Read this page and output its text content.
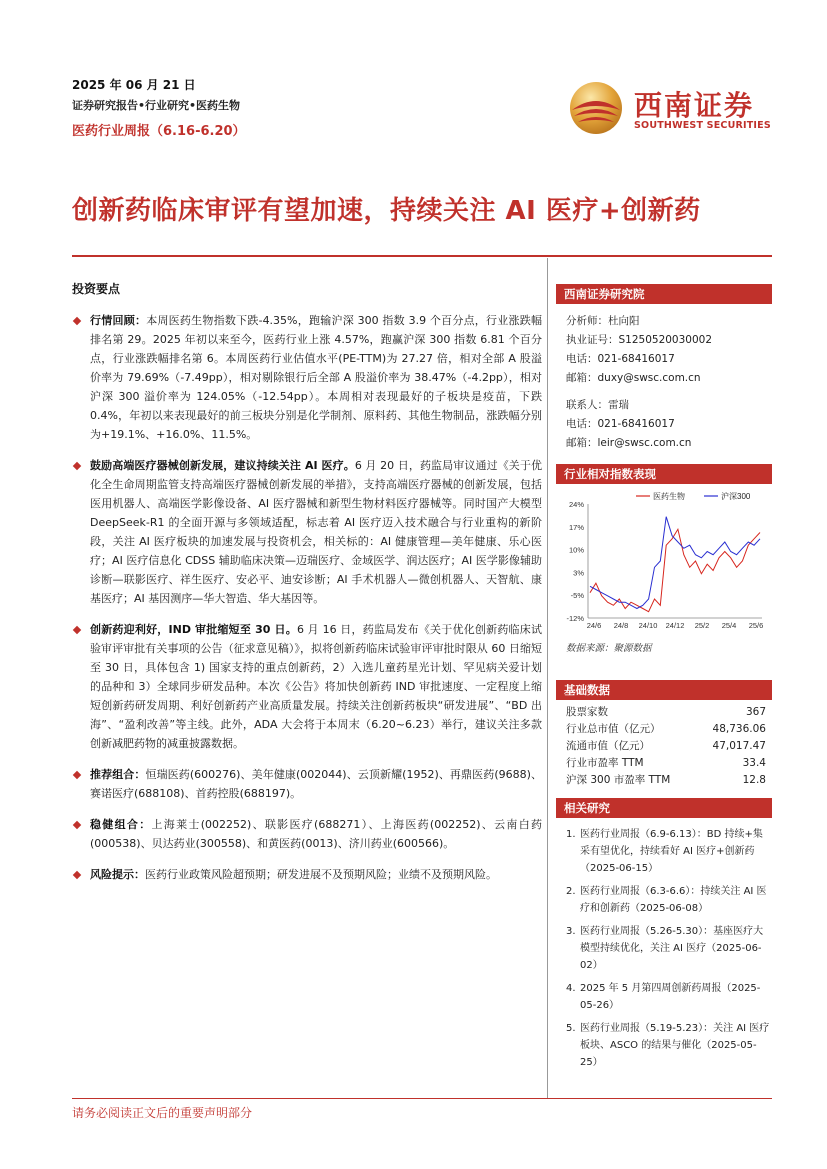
2025 年 06 月 21 日
证券研究报告•行业研究•医药生物
医药行业周报（6.16-6.20）
西南证券
SOUTHWEST SECURITIES
创新药临床审评有望加速，持续关注 AI 医疗+创新药
投资要点
行情回顾：本周医药生物指数下跌-4.35%，跑输沪深 300 指数 3.9 个百分点，行业涨跌幅排名第 29。2025 年初以来至今，医药行业上涨 4.57%，跑赢沪深 300 指数 6.81 个百分点，行业涨跌幅排名第 6。本周医药行业估值水平(PE-TTM)为 27.27 倍，相对全部 A 股溢价率为 79.69%（-7.49pp），相对剔除银行后全部 A 股溢价率为 38.47%（-4.2pp），相对沪深 300 溢价率为 124.05%（-12.54pp）。本周相对表现最好的子板块是疫苗，下跌 0.4%，年初以来表现最好的前三板块分别是化学制剂、原料药、其他生物制品，涨跌幅分别为+19.1%、+16.0%、11.5%。
鼓励高端医疗器械创新发展，建议持续关注 AI 医疗。6 月 20 日，药监局审议通过《关于优化全生命周期监管支持高端医疗器械创新发展的举措》，支持高端医疗器械的创新发展，包括医用机器人、高端医学影像设备、AI 医疗器械和新型生物材料医疗器械等。同时国产大模型 DeepSeek-R1 的全面开源与多领域适配，标志着 AI 医疗迈入技术融合与行业重构的新阶段，关注 AI 医疗板块的加速发展与投资机会，相关标的：AI 健康管理—美年健康、乐心医疗；AI 医疗信息化 CDSS 辅助临床决策—迈瑞医疗、金域医学、润达医疗；AI 医学影像辅助诊断—联影医疗、祥生医疗、安必平、迪安诊断；AI 手术机器人—微创机器人、天智航、康基医疗；AI 基因测序—华大智造、华大基因等。
创新药迎利好，IND 审批缩短至 30 日。6 月 16 日，药监局发布《关于优化创新药临床试验审评审批有关事项的公告（征求意见稿）》，拟将创新药临床试验审评审批时限从 60 日缩短至 30 日，具体包含 1) 国家支持的重点创新药，2）入选儿童药星光计划、罕见病关爱计划的品种和 3）全球同步研发品种。本次《公告》将加快创新药 IND 审批速度、一定程度上缩短创新药研发周期、利好创新药产业高质量发展。持续关注创新药板块“研发进展”、“BD 出海”、“盈利改善”等主线。此外，ADA 大会将于本周末（6.20~6.23）举行，建议关注多款创新减肥药物的减重披露数据。
推荐组合：恒瑞医药(600276)、美年健康(002044)、云顶新耀(1952)、再鼎医药(9688)、赛诺医疗(688108)、首药控股(688197)。
稳健组合：上海莱士(002252)、联影医疗(688271）、上海医药(002252)、云南白药(000538)、贝达药业(300558)、和黄医药(0013)、济川药业(600566)。
风险提示：医药行业政策风险超预期；研发进展不及预期风险；业绩不及预期风险。
西南证券研究院
分析师：杜向阳
执业证号：S1250520030002
电话：021-68416017
邮箱：duxy@swsc.com.cn
联系人：雷瑞
电话：021-68416017
邮箱：leir@swsc.com.cn
行业相对指数表现
24%
17%
10%
3%
-5%
-12%
24/6 24/8 24/10 24/12 25/2 25/4 25/6
医药生物	沪深300
数据来源：聚源数据
基础数据
股票家数	367
行业总市值（亿元）	48,736.06
流通市值（亿元）	47,017.47
行业市盈率 TTM	33.4
沪深 300 市盈率 TTM	12.8
相关研究
1. 医药行业周报（6.9-6.13）：BD 持续+集采有望优化，持续看好 AI 医疗+创新药（2025-06-15）
2. 医药行业周报（6.3-6.6）：持续关注 AI 医疗和创新药（2025-06-08）
3. 医药行业周报（5.26-5.30）：基座医疗大模型持续优化，关注 AI 医疗（2025-06-02）
4. 2025 年 5 月第四周创新药周报（2025-05-26）
5. 医药行业周报（5.19-5.23）：关注 AI 医疗板块、ASCO 的结果与催化（2025-05-25）
请务必阅读正文后的重要声明部分
